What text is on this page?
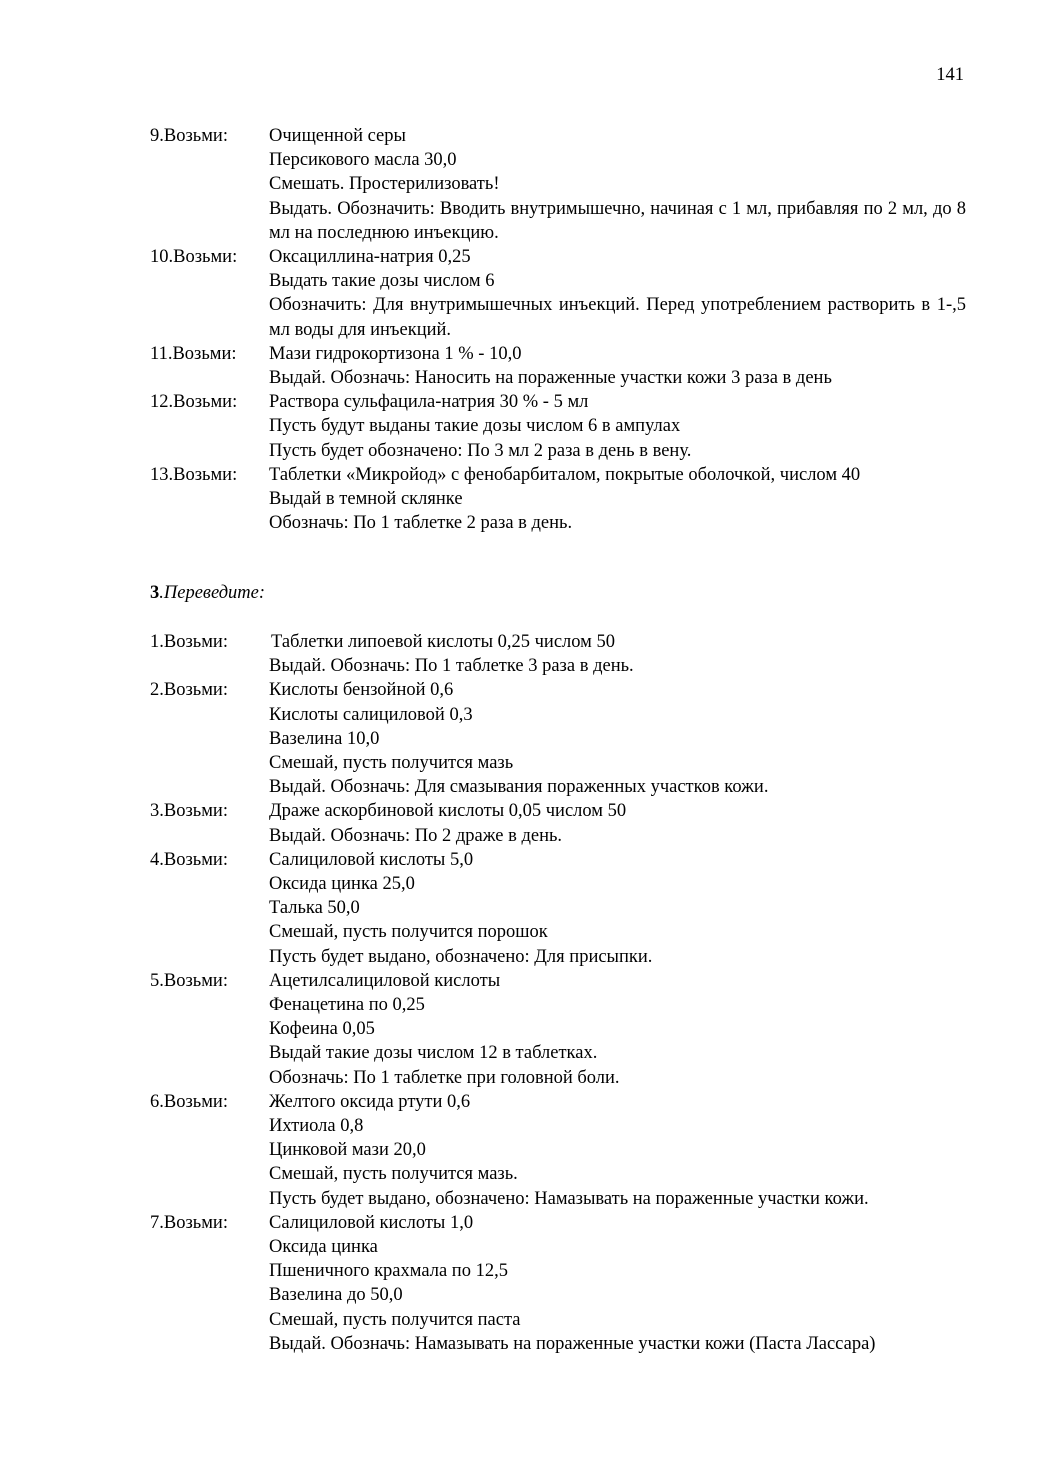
141
9.Возьми:	Очищенной серы
Персикового масла 30,0
Смешать. Простерилизовать!
Выдать. Обозначить: Вводить внутримышечно, начиная с 1 мл, прибавляя по 2 мл, до 8 мл на последнюю инъекцию.
10.Возьми:	Оксациллина-натрия 0,25
Выдать такие дозы числом 6
Обозначить: Для внутримышечных инъекций. Перед употреблением растворить в 1-,5 мл воды для инъекций.
11.Возьми:	Мази гидрокортизона 1 % - 10,0
Выдай. Обозначь: Наносить на пораженные участки кожи 3 раза в день
12.Возьми:	Раствора сульфацила-натрия 30 % - 5 мл
Пусть будут выданы такие дозы числом 6 в ампулах
Пусть будет обозначено: По 3 мл 2 раза в день в вену.
13.Возьми:	Таблетки «Микройод» с фенобарбиталом, покрытые оболочкой, числом 40
Выдай в темной склянке
Обозначь: По 1 таблетке 2 раза в день.
3.Переведите:
1.Возьми:	Таблетки липоевой кислоты 0,25 числом 50
Выдай. Обозначь: По 1 таблетке 3 раза в день.
2.Возьми:	Кислоты бензойной 0,6
Кислоты салициловой 0,3
Вазелина 10,0
Смешай, пусть получится мазь
Выдай. Обозначь: Для смазывания пораженных участков кожи.
3.Возьми:	Драже аскорбиновой кислоты 0,05 числом 50
Выдай. Обозначь: По 2 драже в день.
4.Возьми:	Салициловой кислоты 5,0
Оксида цинка 25,0
Талька 50,0
Смешай, пусть получится порошок
Пусть будет выдано, обозначено: Для присыпки.
5.Возьми:	Ацетилсалициловой кислоты
Фенацетина по 0,25
Кофеина 0,05
Выдай такие дозы числом 12 в таблетках.
Обозначь: По 1 таблетке при головной боли.
6.Возьми:	Желтого оксида ртути 0,6
Ихтиола 0,8
Цинковой мази 20,0
Смешай, пусть получится мазь.
Пусть будет выдано, обозначено: Намазывать на пораженные участки кожи.
7.Возьми:	Салициловой кислоты 1,0
Оксида цинка
Пшеничного крахмала по 12,5
Вазелина до 50,0
Смешай, пусть получится паста
Выдай. Обозначь: Намазывать на пораженные участки кожи (Паста Лассара)
